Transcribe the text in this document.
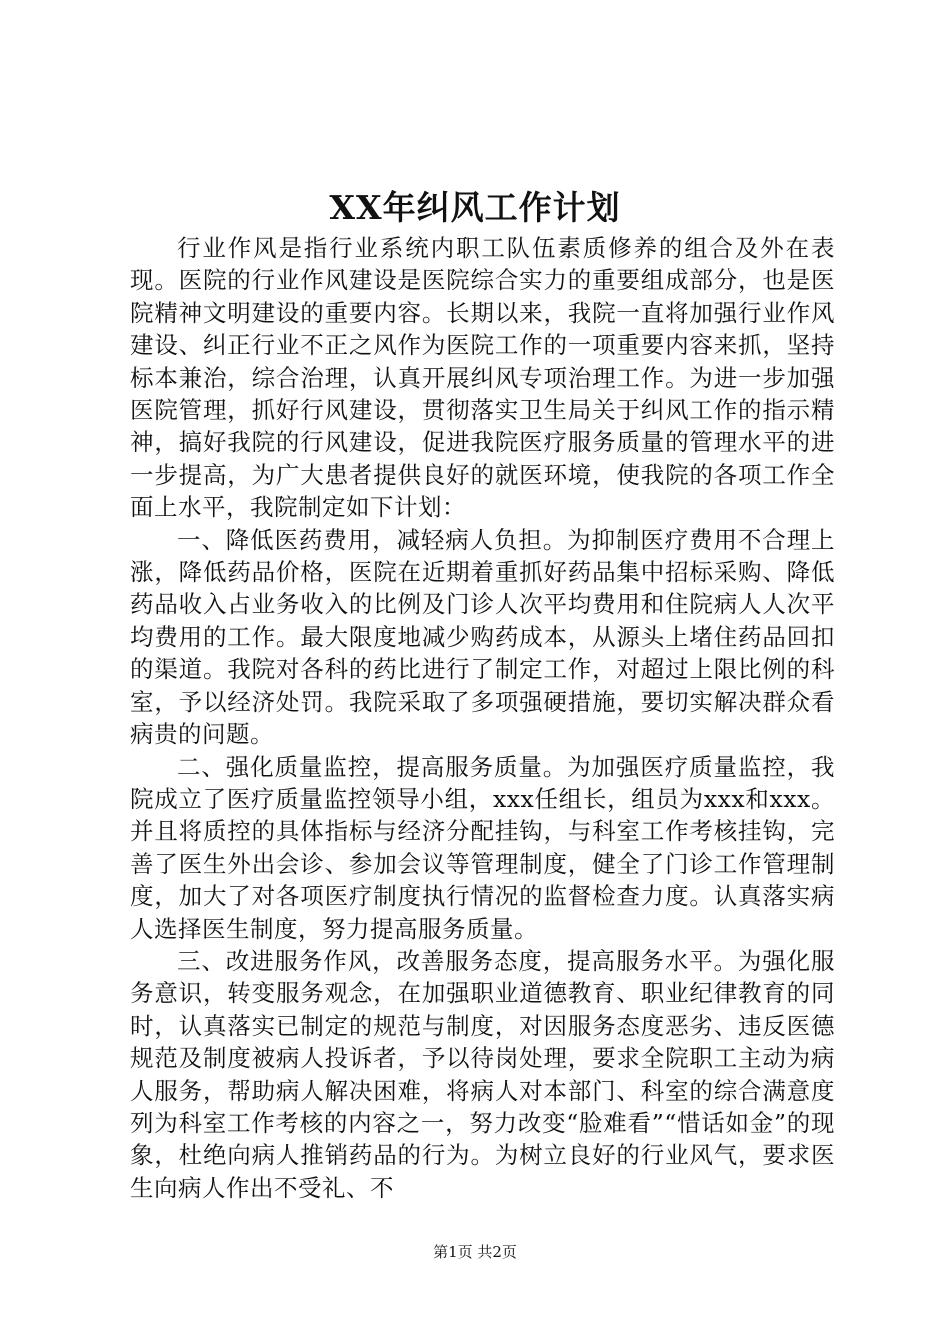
XX年纠风工作计划

行业作风是指行业系统内职工队伍素质修养的组合及外在表现。医院的行业作风建设是医院综合实力的重要组成部分，也是医院精神文明建设的重要内容。长期以来，我院一直将加强行业作风建设、纠正行业不正之风作为医院工作的一项重要内容来抓，坚持标本兼治，综合治理，认真开展纠风专项治理工作。为进一步加强医院管理，抓好行风建设，贯彻落实卫生局关于纠风工作的指示精神，搞好我院的行风建设，促进我院医疗服务质量的管理水平的进一步提高，为广大患者提供良好的就医环境，使我院的各项工作全面上水平，我院制定如下计划：

一、降低医药费用，减轻病人负担。为抑制医疗费用不合理上涨，降低药品价格，医院在近期着重抓好药品集中招标采购、降低药品收入占业务收入的比例及门诊人次平均费用和住院病人人次平均费用的工作。最大限度地减少购药成本，从源头上堵住药品回扣的渠道。我院对各科的药比进行了制定工作，对超过上限比例的科室，予以经济处罚。我院采取了多项强硬措施，要切实解决群众看病贵的问题。

二、强化质量监控，提高服务质量。为加强医疗质量监控，我院成立了医疗质量监控领导小组，xxx任组长，组员为xxx和xxx。并且将质控的具体指标与经济分配挂钩，与科室工作考核挂钩，完善了医生外出会诊、参加会议等管理制度，健全了门诊工作管理制度，加大了对各项医疗制度执行情况的监督检查力度。认真落实病人选择医生制度，努力提高服务质量。

三、改进服务作风，改善服务态度，提高服务水平。为强化服务意识，转变服务观念，在加强职业道德教育、职业纪律教育的同时，认真落实已制定的规范与制度，对因服务态度恶劣、违反医德规范及制度被病人投诉者，予以待岗处理，要求全院职工主动为病人服务，帮助病人解决困难，将病人对本部门、科室的综合满意度列为科室工作考核的内容之一，努力改变“脸难看”“惜话如金”的现象，杜绝向病人推销药品的行为。为树立良好的行业风气，要求医生向病人作出不受礼、不

第1页 共2页
